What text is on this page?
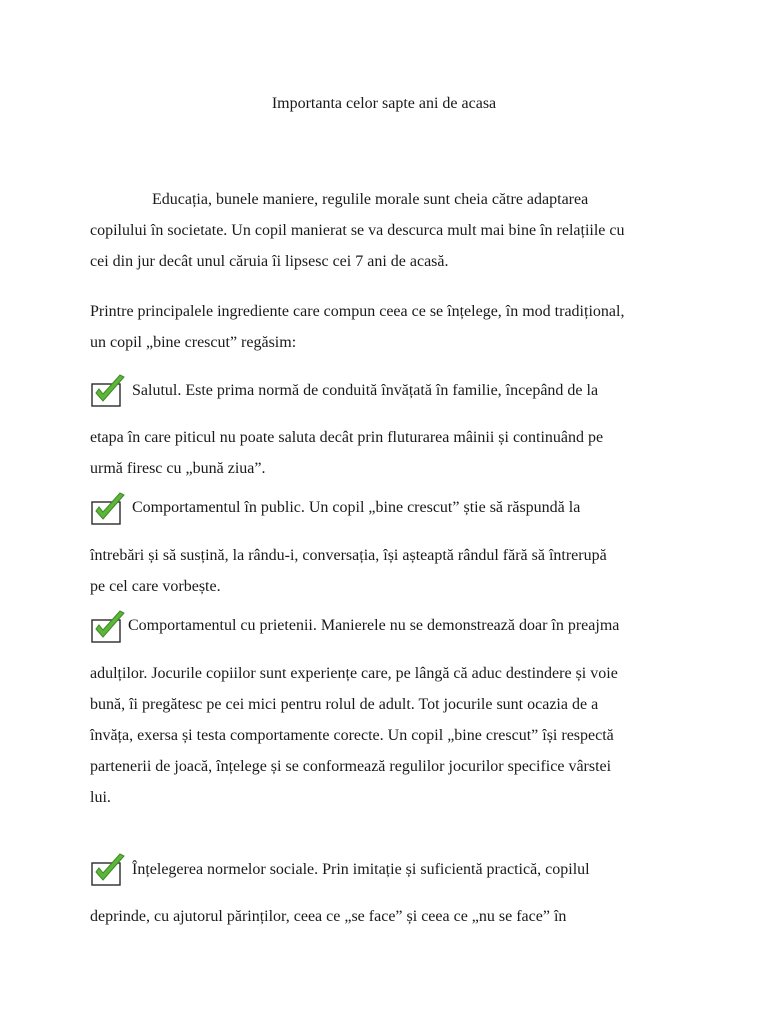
Importanta celor sapte ani de acasa
Educația, bunele maniere, regulile morale sunt cheia către adaptarea
copilului în societate. Un copil manierat se va descurca mult mai bine în relațiile cu
cei din jur decât unul căruia îi lipsesc cei 7 ani de acasă.
Printre principalele ingrediente care compun ceea ce se înțelege, în mod tradițional,
un copil „bine crescut” regăsim:
Salutul. Este prima normă de conduită învățată în familie, începând de la
etapa în care piticul nu poate saluta decât prin fluturarea mâinii și continuând pe
urmă firesc cu „bună ziua”.
Comportamentul în public. Un copil „bine crescut” știe să răspundă la
întrebări și să susțină, la rându-i, conversația, își așteaptă rândul fără să întrerupă
pe cel care vorbește.
Comportamentul cu prietenii. Manierele nu se demonstrează doar în preajma
adulților. Jocurile copiilor sunt experiențe care, pe lângă că aduc destindere și voie
bună, îi pregătesc pe cei mici pentru rolul de adult. Tot jocurile sunt ocazia de a
învăța, exersa și testa comportamente corecte. Un copil „bine crescut” își respectă
partenerii de joacă, înțelege și se conformează regulilor jocurilor specifice vârstei
lui.
Înțelegerea normelor sociale. Prin imitație și suficientă practică, copilul
deprinde, cu ajutorul părinților, ceea ce „se face” și ceea ce „nu se face” în
